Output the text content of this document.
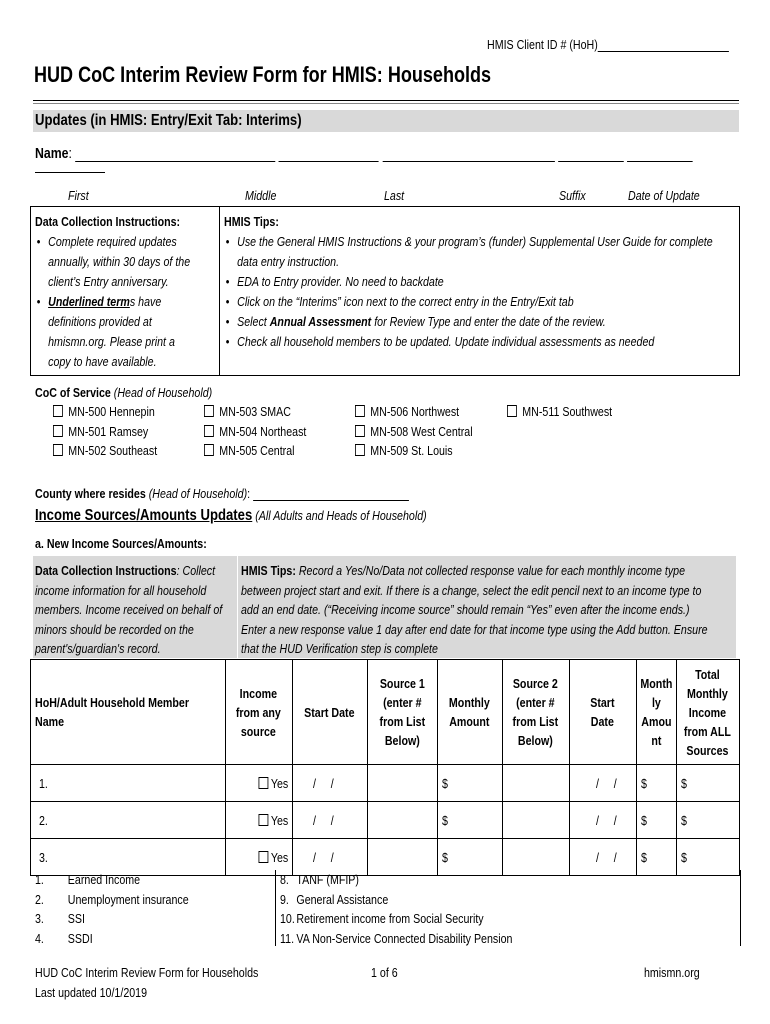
HMIS Client ID # (HoH)
HUD CoC Interim Review Form for HMIS: Households
Updates (in HMIS: Entry/Exit Tab: Interims)
Name:
First	Middle	Last	Suffix	Date of Update
Data Collection Instructions:
• Complete required updates
annually, within 30 days of the
client’s Entry anniversary.
• Underlined terms have
definitions provided at
hmismn.org. Please print a
copy to have available.
HMIS Tips:
• Use the General HMIS Instructions & your program’s (funder) Supplemental User Guide for complete
data entry instruction.
• EDA to Entry provider. No need to backdate
• Click on the “Interims” icon next to the correct entry in the Entry/Exit tab
• Select Annual Assessment for Review Type and enter the date of the review.
• Check all household members to be updated. Update individual assessments as needed
CoC of Service (Head of Household)
MN-500 Hennepin	MN-503 SMAC	MN-506 Northwest	MN-511 Southwest
MN-501 Ramsey	MN-504 Northeast	MN-508 West Central
MN-502 Southeast	MN-505 Central	MN-509 St. Louis
County where resides (Head of Household):
Income Sources/Amounts Updates (All Adults and Heads of Household)
a. New Income Sources/Amounts:
Data Collection Instructions: Collect
income information for all household
members. Income received on behalf of
minors should be recorded on the
parent's/guardian's record.
HMIS Tips: Record a Yes/No/Data not collected response value for each monthly income type
between project start and exit. If there is a change, select the edit pencil next to an income type to
add an end date. (“Receiving income source” should remain “Yes” even after the income ends.)
Enter a new response value 1 day after end date for that income type using the Add button. Ensure
that the HUD Verification step is complete
HoH/Adult Household Member
Name	Income
from any
source	Start Date	Source 1
(enter #
from List
Below)	Monthly
Amount	Source 2
(enter #
from List
Below)	Start
Date	Month
ly
Amou
nt	Total
Monthly
Income
from ALL
Sources
1.	Yes	/     /		$		/     /	$	$
2.	Yes	/     /		$		/     /	$	$
3.	Yes	/     /		$		/     /	$	$
1. Earned Income
2. Unemployment insurance
3. SSI
4. SSDI
8. TANF (MFIP)
9. General Assistance
10. Retirement income from Social Security
11. VA Non-Service Connected Disability Pension
HUD CoC Interim Review Form for Households
Last updated 10/1/2019
1 of 6	hmismn.org
